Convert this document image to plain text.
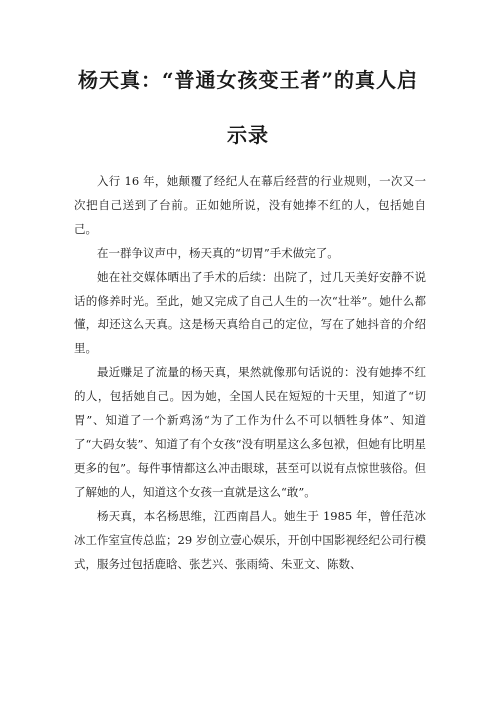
杨天真：“普通女孩变王者”的真人启
示录

入行 16 年，她颠覆了经纪人在幕后经营的行业规则，一次又一次把自己送到了台前。正如她所说，没有她捧不红的人，包括她自己。

在一群争议声中，杨天真的“切胃”手术做完了。

她在社交媒体晒出了手术的后续：出院了，过几天美好安静不说话的修养时光。至此，她又完成了自己人生的一次“壮举”。她什么都懂，却还这么天真。这是杨天真给自己的定位，写在了她抖音的介绍里。

最近赚足了流量的杨天真，果然就像那句话说的：没有她捧不红的人，包括她自己。因为她，全国人民在短短的十天里，知道了“切胃”、知道了一个新鸡汤“为了工作为什么不可以牺牲身体”、知道了“大码女装”、知道了有个女孩“没有明星这么多包袱，但她有比明星更多的包”。每件事情都这么冲击眼球，甚至可以说有点惊世骇俗。但了解她的人，知道这个女孩一直就是这么“敢”。

杨天真，本名杨思维，江西南昌人。她生于 1985 年，曾任范冰冰工作室宣传总监；29 岁创立壹心娱乐，开创中国影视经纪公司行模式，服务过包括鹿晗、张艺兴、张雨绮、朱亚文、陈数、
